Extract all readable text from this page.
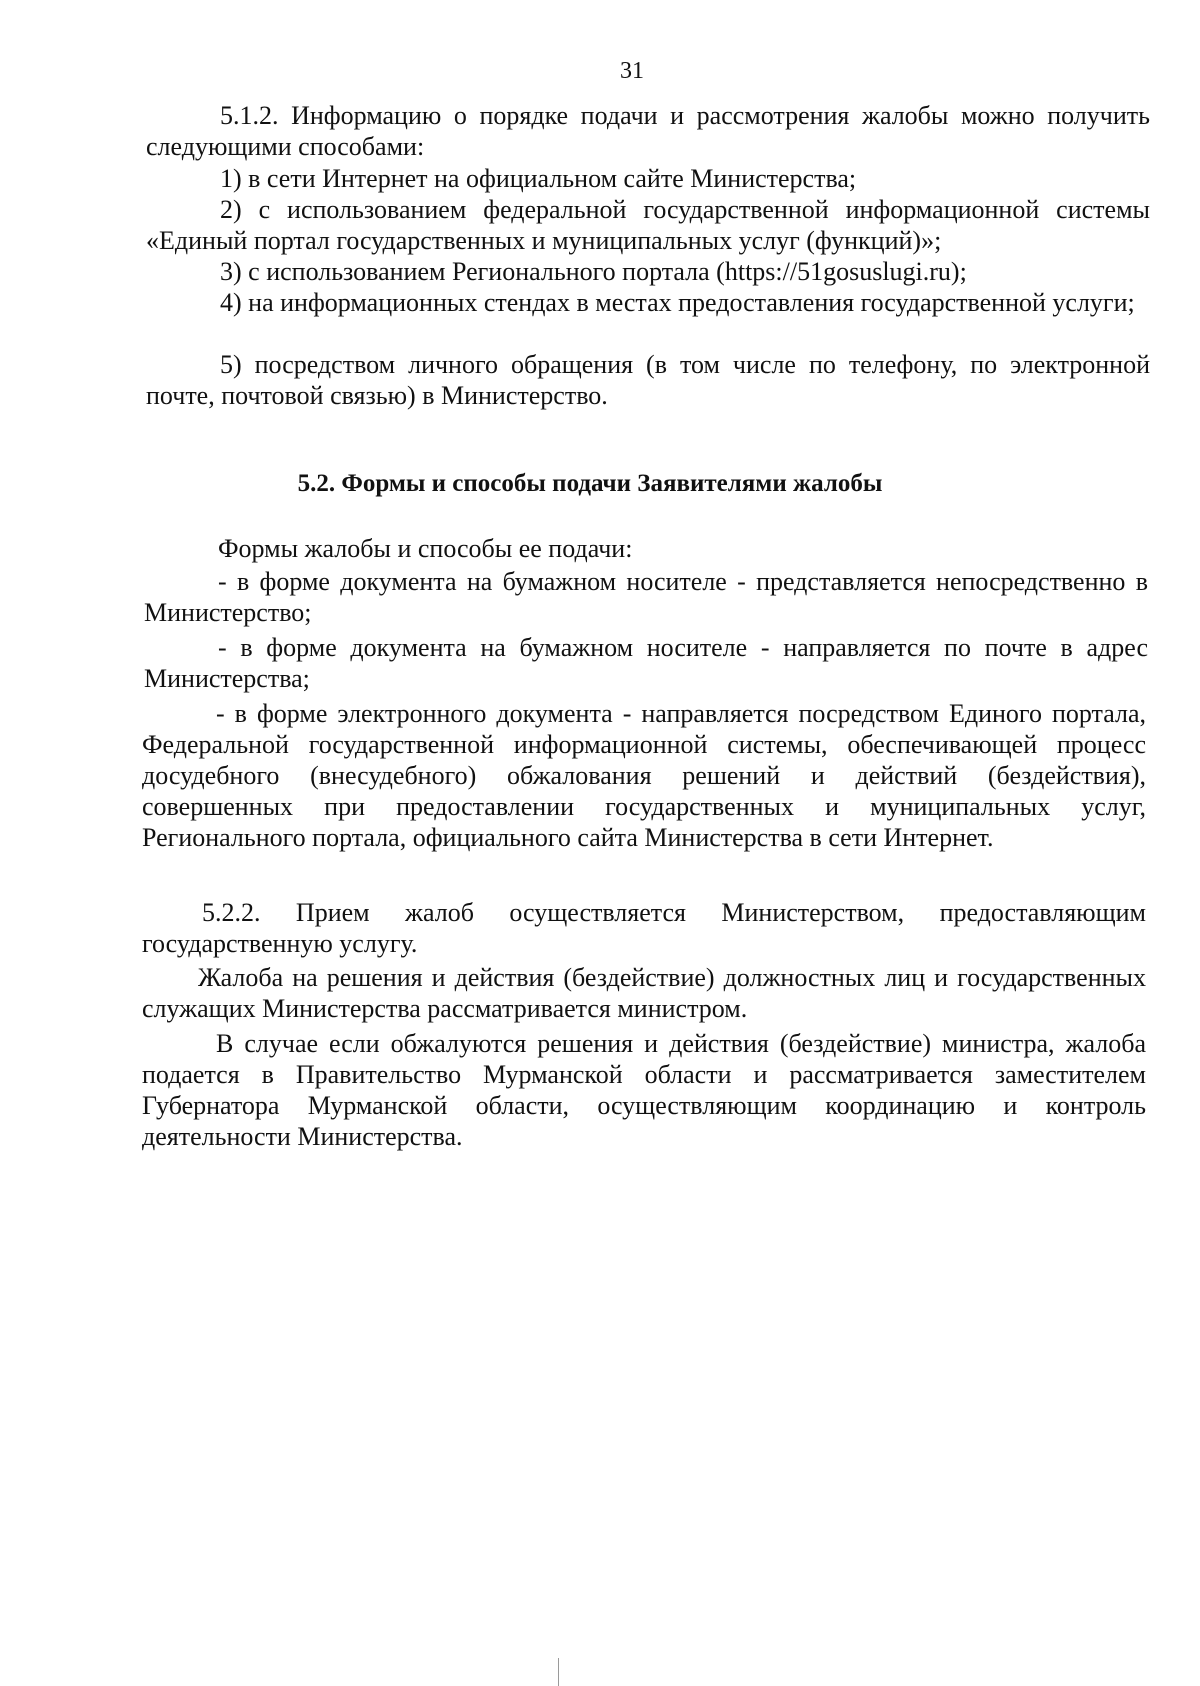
31

5.1.2. Информацию о порядке подачи и рассмотрения жалобы можно получить следующими способами:

1) в сети Интернет на официальном сайте Министерства;

2) с использованием федеральной государственной информационной системы «Единый портал государственных и муниципальных услуг (функций)»;

3) с использованием Регионального портала (https://51gosuslugi.ru);

4) на информационных стендах в местах предоставления государственной услуги;

5) посредством личного обращения (в том числе по телефону, по электронной почте, почтовой связью) в Министерство.

5.2. Формы и способы подачи Заявителями жалобы

Формы жалобы и способы ее подачи:

- в форме документа на бумажном носителе - представляется непосредственно в Министерство;

- в форме документа на бумажном носителе - направляется по почте в адрес Министерства;

- в форме электронного документа - направляется посредством Единого портала, Федеральной государственной информационной системы, обеспечивающей процесс досудебного (внесудебного) обжалования решений и действий (бездействия), совершенных при предоставлении государственных и муниципальных услуг, Регионального портала, официального сайта Министерства в сети Интернет.

5.2.2. Прием жалоб осуществляется Министерством, предоставляющим государственную услугу.

Жалоба на решения и действия (бездействие) должностных лиц и государственных служащих Министерства рассматривается министром.

В случае если обжалуются решения и действия (бездействие) министра, жалоба подается в Правительство Мурманской области и рассматривается заместителем Губернатора Мурманской области, осуществляющим координацию и контроль деятельности Министерства.
